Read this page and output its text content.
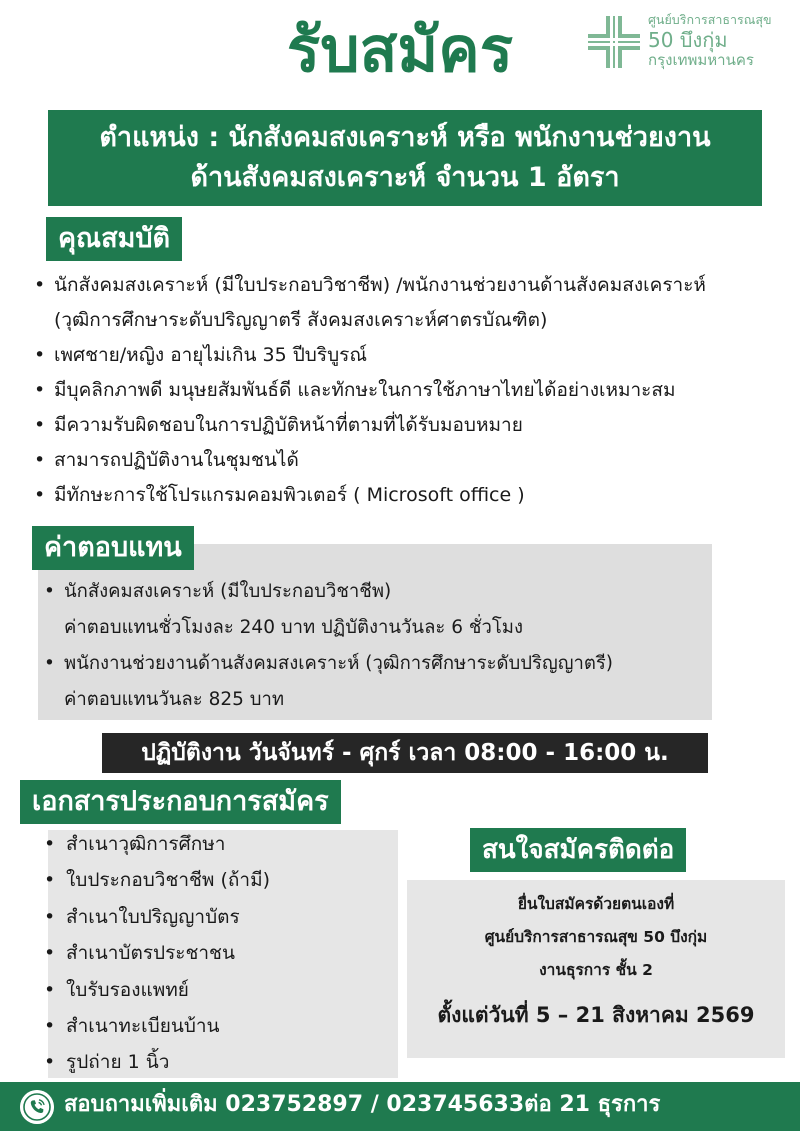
รับสมัคร	ศูนย์บริการสาธารณสุข
50 บึงกุ่ม
กรุงเทพมหานคร
ตำแหน่ง : นักสังคมสงเคราะห์ หรือ พนักงานช่วยงาน
ด้านสังคมสงเคราะห์ จำนวน 1 อัตรา
คุณสมบัติ
• นักสังคมสงเคราะห์ (มีใบประกอบวิชาชีพ) /พนักงานช่วยงานด้านสังคมสงเคราะห์
(วุฒิการศึกษาระดับปริญญาตรี สังคมสงเคราะห์ศาตรบัณฑิต)
• เพศชาย/หญิง อายุไม่เกิน 35 ปีบริบูรณ์
• มีบุคลิกภาพดี มนุษยสัมพันธ์ดี และทักษะในการใช้ภาษาไทยได้อย่างเหมาะสม
• มีความรับผิดชอบในการปฏิบัติหน้าที่ตามที่ได้รับมอบหมาย
• สามารถปฏิบัติงานในชุมชนได้
• มีทักษะการใช้โปรแกรมคอมพิวเตอร์ ( Microsoft office )
ค่าตอบแทน
• นักสังคมสงเคราะห์ (มีใบประกอบวิชาชีพ)
ค่าตอบแทนชั่วโมงละ 240 บาท ปฏิบัติงานวันละ 6 ชั่วโมง
• พนักงานช่วยงานด้านสังคมสงเคราะห์ (วุฒิการศึกษาระดับปริญญาตรี)
ค่าตอบแทนวันละ 825 บาท
ปฏิบัติงาน วันจันทร์ - ศุกร์ เวลา 08:00 - 16:00 น.
เอกสารประกอบการสมัคร
• สำเนาวุฒิการศึกษา
• ใบประกอบวิชาชีพ (ถ้ามี)
• สำเนาใบปริญญาบัตร
• สำเนาบัตรประชาชน
• ใบรับรองแพทย์
• สำเนาทะเบียนบ้าน
• รูปถ่าย 1 นิ้ว
สนใจสมัครติดต่อ
ยื่นใบสมัครด้วยตนเองที่
ศูนย์บริการสาธารณสุข 50 บึงกุ่ม
งานธุรการ ชั้น 2
ตั้งแต่วันที่ 5 – 21 สิงหาคม 2569
สอบถามเพิ่มเติม 023752897 / 023745633ต่อ 21 ธุรการ
